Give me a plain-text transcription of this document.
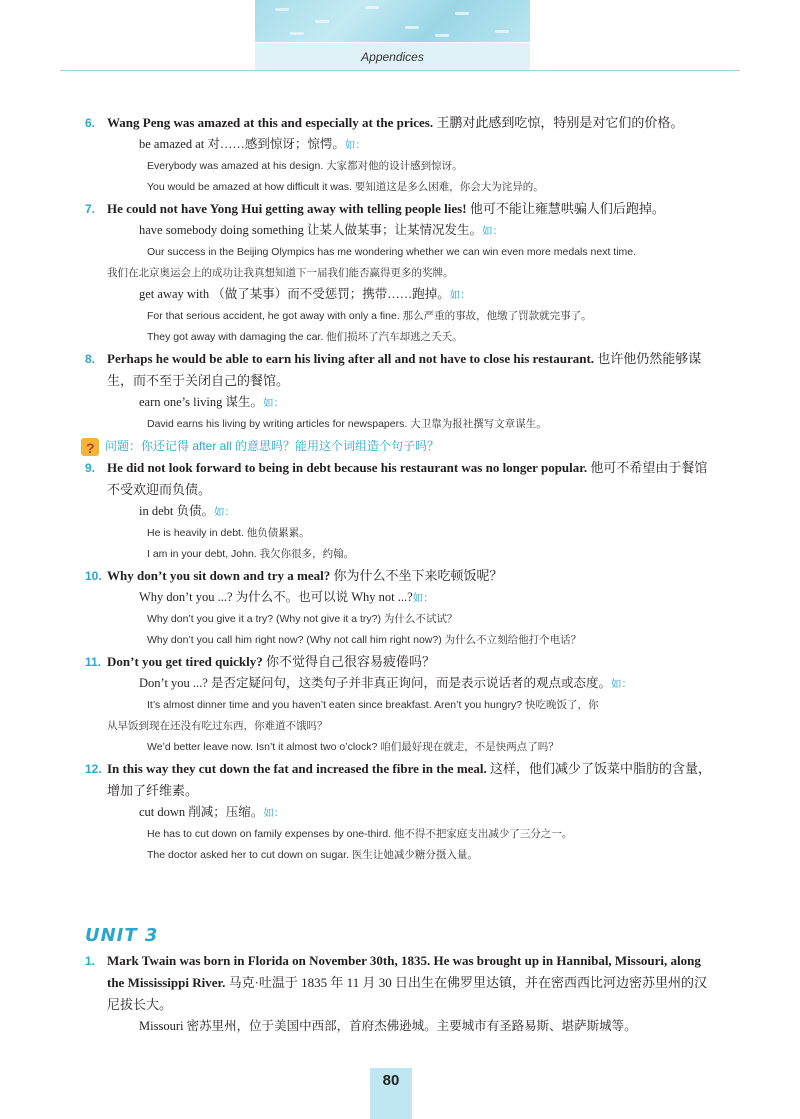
Appendices
6. Wang Peng was amazed at this and especially at the prices. 王鹏对此感到吃惊，特别是对它们的价格。
be amazed at 对……感到惊讶；惊愕。如：
Everybody was amazed at his design. 大家都对他的设计感到惊讶。
You would be amazed at how difficult it was. 要知道这是多么困难，你会大为诧异的。
7. He could not have Yong Hui getting away with telling people lies! 他可不能让雍慧哄骗人们后跑掉。
have somebody doing something 让某人做某事；让某情况发生。如：
Our success in the Beijing Olympics has me wondering whether we can win even more medals next time.
我们在北京奥运会上的成功让我真想知道下一届我们能否赢得更多的奖牌。
get away with （做了某事）而不受惩罚；携带……跑掉。如：
For that serious accident, he got away with only a fine. 那么严重的事故，他缴了罚款就完事了。
They got away with damaging the car. 他们损坏了汽车却逃之夭夭。
8. Perhaps he would be able to earn his living after all and not have to close his restaurant. 也许他仍然能够谋生，而不至于关闭自己的餐馆。
earn one’s living 谋生。如：
David earns his living by writing articles for newspapers. 大卫靠为报社撰写文章谋生。
?问题：你还记得 after all 的意思吗？能用这个词组造个句子吗？
9. He did not look forward to being in debt because his restaurant was no longer popular. 他可不希望由于餐馆不受欢迎而负债。
in debt 负债。如：
He is heavily in debt. 他负债累累。
I am in your debt, John. 我欠你很多，约翰。
10. Why don’t you sit down and try a meal? 你为什么不坐下来吃顿饭呢？
Why don’t you ...? 为什么不。也可以说 Why not ...?如：
Why don’t you give it a try? (Why not give it a try?) 为什么不试试？
Why don’t you call him right now? (Why not call him right now?) 为什么不立刻给他打个电话？
11. Don’t you get tired quickly? 你不觉得自己很容易疲倦吗？
Don’t you ...? 是否定疑问句，这类句子并非真正询问，而是表示说话者的观点或态度。如：
It’s almost dinner time and you haven’t eaten since breakfast. Aren’t you hungry? 快吃晚饭了，你
从早饭到现在还没有吃过东西，你难道不饿吗？
We’d better leave now. Isn’t it almost two o’clock? 咱们最好现在就走，不是快两点了吗？
12. In this way they cut down the fat and increased the fibre in the meal. 这样，他们减少了饭菜中脂肪的含量，增加了纤维素。
cut down 削减；压缩。如：
He has to cut down on family expenses by one-third. 他不得不把家庭支出减少了三分之一。
The doctor asked her to cut down on sugar. 医生让她减少糖分摄入量。
UNIT 3
1. Mark Twain was born in Florida on November 30th, 1835. He was brought up in Hannibal, Missouri, along the Mississippi River. 马克·吐温于 1835 年 11 月 30 日出生在佛罗里达镇，并在密西西比河边密苏里州的汉尼拔长大。
Missouri 密苏里州，位于美国中西部，首府杰佛逊城。主要城市有圣路易斯、堪萨斯城等。
80
